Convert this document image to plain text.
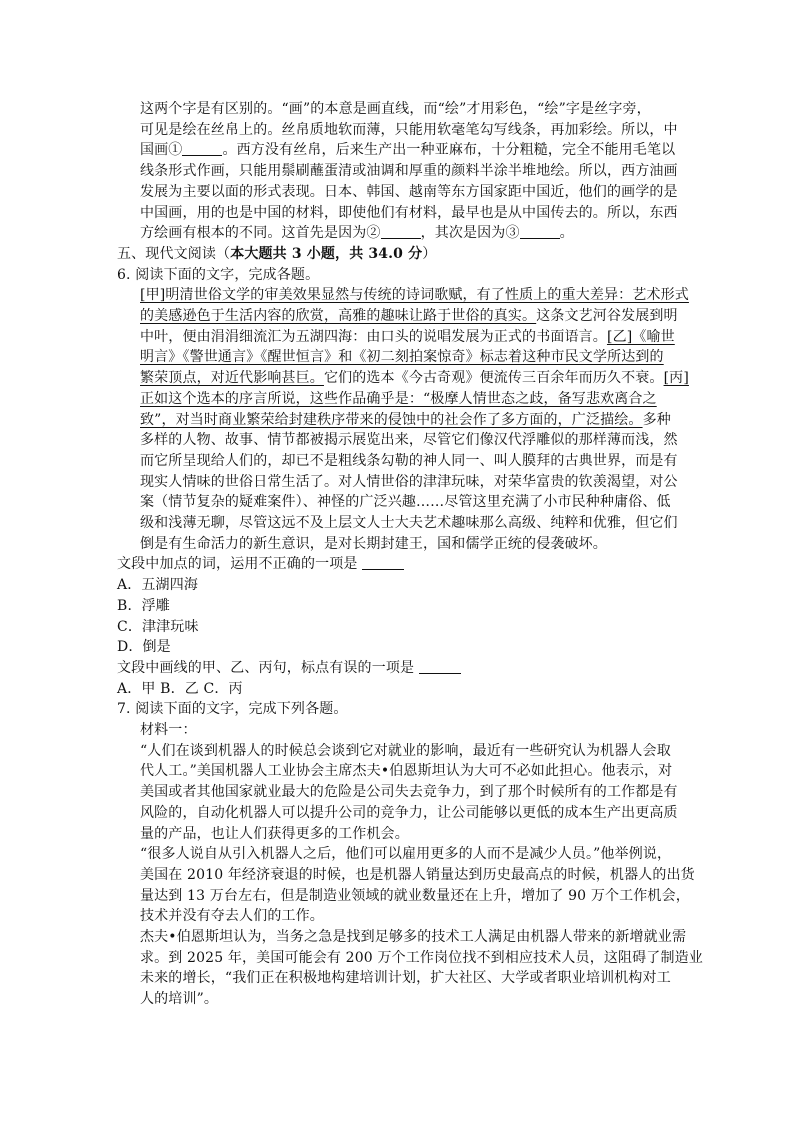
这两个字是有区别的。“画”的本意是画直线，而“绘”才用彩色，“绘”字是丝字旁，
可见是绘在丝帛上的。丝帛质地软而薄，只能用软毫笔勾写线条，再加彩绘。所以，中
国画①	。西方没有丝帛，后来生产出一种亚麻布，十分粗糙，完全不能用毛笔以
线条形式作画，只能用鬃刷蘸蛋清或油调和厚重的颜料半涂半堆地绘。所以，西方油画
发展为主要以面的形式表现。日本、韩国、越南等东方国家距中国近，他们的画学的是
中国画，用的也是中国的材料，即使他们有材料，最早也是从中国传去的。所以，东西
方绘画有根本的不同。这首先是因为②	，其次是因为③	。
五、现代文阅读（本大题共 3 小题，共 34.0 分）
6. 阅读下面的文字，完成各题。
[甲]明清世俗文学的审美效果显然与传统的诗词歌赋，有了性质上的重大差异：艺术形式
的美感逊色于生活内容的欣赏，高雅的趣味让路于世俗的真实。这条文艺河谷发展到明
中叶，便由涓涓细流汇为五湖四海：由口头的说唱发展为正式的书面语言。[乙]《喻世
明言》《警世通言》《醒世恒言》和《初二刻拍案惊奇》标志着这种市民文学所达到的
繁荣顶点，对近代影响甚巨。它们的选本《今古奇观》便流传三百余年而历久不衰。[丙]
正如这个选本的序言所说，这些作品确乎是：“极摩人情世态之歧，备写悲欢离合之
致”，对当时商业繁荣给封建秩序带来的侵蚀中的社会作了多方面的，广泛描绘。多种
多样的人物、故事、情节都被揭示展览出来，尽管它们像汉代浮雕似的那样薄而浅，然
而它所呈现给人们的，却已不是粗线条勾勒的神人同一、叫人膜拜的古典世界，而是有
现实人情味的世俗日常生活了。对人情世俗的津津玩味，对荣华富贵的钦羡渴望，对公
案（情节复杂的疑难案件）、神怪的广泛兴趣……尽管这里充满了小市民种种庸俗、低
级和浅薄无聊，尽管这远不及上层文人士大夫艺术趣味那么高级、纯粹和优雅，但它们
倒是有生命活力的新生意识，是对长期封建王，国和儒学正统的侵袭破坏。
文段中加点的词，运用不正确的一项是
A．五湖四海
B．浮雕
C．津津玩味
D．倒是
文段中画线的甲、乙、丙句，标点有误的一项是
A．甲 B．乙 C．丙
7. 阅读下面的文字，完成下列各题。
材料一：
“人们在谈到机器人的时候总会谈到它对就业的影响，最近有一些研究认为机器人会取
代人工。”美国机器人工业协会主席杰夫•伯恩斯坦认为大可不必如此担心。他表示，对
美国或者其他国家就业最大的危险是公司失去竞争力，到了那个时候所有的工作都是有
风险的，自动化机器人可以提升公司的竞争力，让公司能够以更低的成本生产出更高质
量的产品，也让人们获得更多的工作机会。
“很多人说自从引入机器人之后，他们可以雇用更多的人而不是减少人员。”他举例说，
美国在 2010 年经济衰退的时候，也是机器人销量达到历史最高点的时候，机器人的出货
量达到 13 万台左右，但是制造业领域的就业数量还在上升，增加了 90 万个工作机会，
技术并没有夺去人们的工作。
杰夫•伯恩斯坦认为，当务之急是找到足够多的技术工人满足由机器人带来的新增就业需
求。到 2025 年，美国可能会有 200 万个工作岗位找不到相应技术人员，这阻碍了制造业
未来的增长，“我们正在积极地构建培训计划，扩大社区、大学或者职业培训机构对工
人的培训”。
